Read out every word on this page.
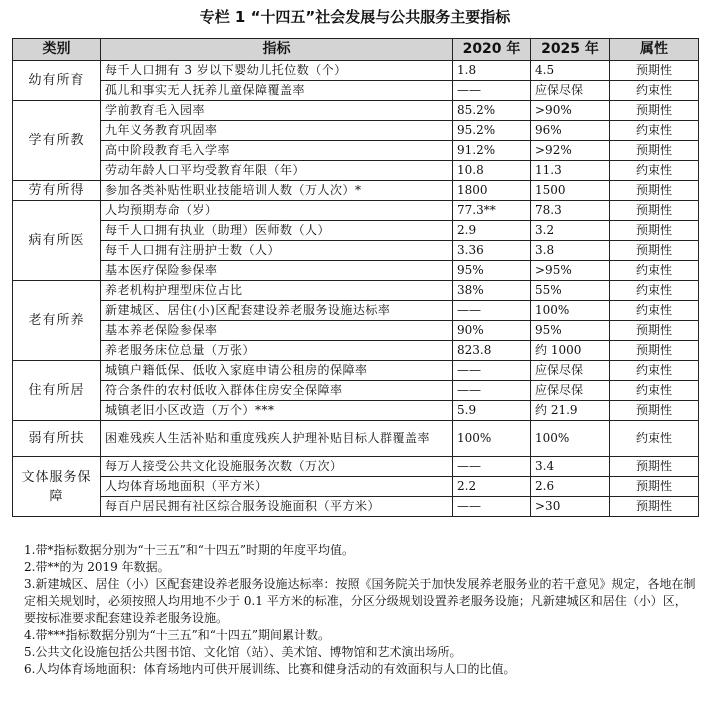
专栏 1 “十四五”社会发展与公共服务主要指标
类别	指标	2020 年	2025 年	属性
幼有所育	每千人口拥有 3 岁以下婴幼儿托位数（个）	1.8	4.5	预期性
	孤儿和事实无人抚养儿童保障覆盖率	——	应保尽保	约束性
学有所教	学前教育毛入园率	85.2%	>90%	预期性
	九年义务教育巩固率	95.2%	96%	约束性
	高中阶段教育毛入学率	91.2%	>92%	预期性
	劳动年龄人口平均受教育年限（年）	10.8	11.3	约束性
劳有所得	参加各类补贴性职业技能培训人数（万人次）*	1800	1500	预期性
病有所医	人均预期寿命（岁）	77.3**	78.3	预期性
	每千人口拥有执业（助理）医师数（人）	2.9	3.2	预期性
	每千人口拥有注册护士数（人）	3.36	3.8	预期性
	基本医疗保险参保率	95%	>95%	约束性
老有所养	养老机构护理型床位占比	38%	55%	约束性
	新建城区、居住(小)区配套建设养老服务设施达标率	——	100%	约束性
	基本养老保险参保率	90%	95%	预期性
	养老服务床位总量（万张）	823.8	约 1000	预期性
住有所居	城镇户籍低保、低收入家庭申请公租房的保障率	——	应保尽保	约束性
	符合条件的农村低收入群体住房安全保障率	——	应保尽保	约束性
	城镇老旧小区改造（万个）***	5.9	约 21.9	预期性
弱有所扶	困难残疾人生活补贴和重度残疾人护理补贴目标人群覆盖率	100%	100%	约束性
文体服务保障	每万人接受公共文化设施服务次数（万次）	——	3.4	预期性
	人均体育场地面积（平方米）	2.2	2.6	预期性
	每百户居民拥有社区综合服务设施面积（平方米）	——	>30	预期性
1.带*指标数据分别为“十三五”和“十四五”时期的年度平均值。
2.带**的为 2019 年数据。
3.新建城区、居住（小）区配套建设养老服务设施达标率：按照《国务院关于加快发展养老服务业的若干意见》规定，各地在制定相关规划时，必须按照人均用地不少于 0.1 平方米的标准，分区分级规划设置养老服务设施；凡新建城区和居住（小）区，要按标准要求配套建设养老服务设施。
4.带***指标数据分别为“十三五”和“十四五”期间累计数。
5.公共文化设施包括公共图书馆、文化馆（站）、美术馆、博物馆和艺术演出场所。
6.人均体育场地面积：体育场地内可供开展训练、比赛和健身活动的有效面积与人口的比值。
